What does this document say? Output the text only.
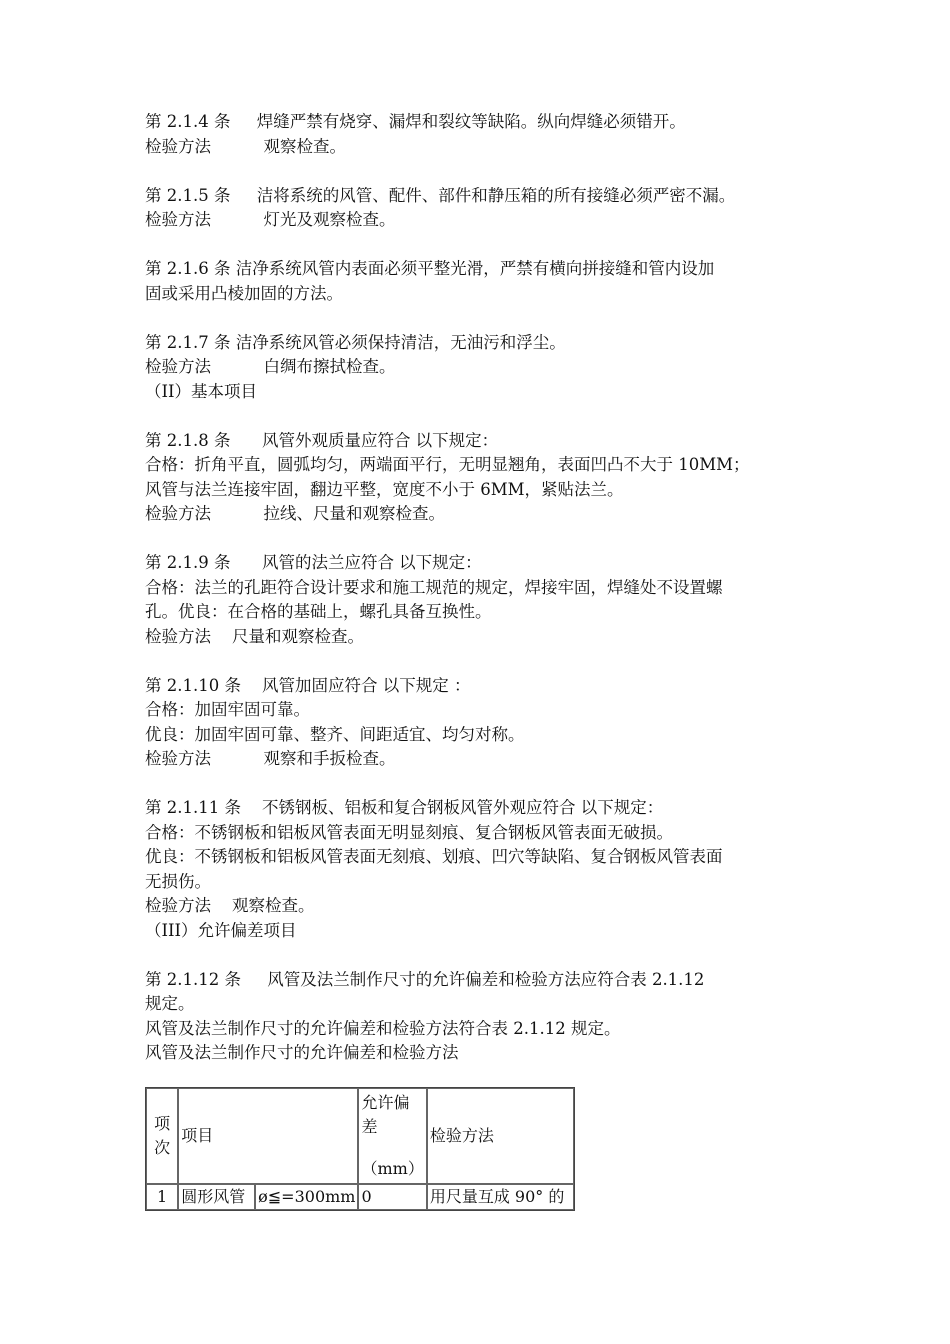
第 2.1.4 条     焊缝严禁有烧穿、漏焊和裂纹等缺陷。纵向焊缝必须错开。
检验方法          观察检查。
第 2.1.5 条     洁将系统的风管、配件、部件和静压箱的所有接缝必须严密不漏。
检验方法          灯光及观察检查。
第 2.1.6 条 洁净系统风管内表面必须平整光滑，严禁有横向拼接缝和管内设加
固或采用凸棱加固的方法。
第 2.1.7 条 洁净系统风管必须保持清洁，无油污和浮尘。
检验方法          白绸布擦拭检查。
（II）基本项目
第 2.1.8 条      风管外观质量应符合 以下规定：
合格：折角平直，圆弧均匀，两端面平行，无明显翘角，表面凹凸不大于 10MM；
风管与法兰连接牢固，翻边平整，宽度不小于 6MM，紧贴法兰。
检验方法          拉线、尺量和观察检查。
第 2.1.9 条      风管的法兰应符合 以下规定：
合格：法兰的孔距符合设计要求和施工规范的规定，焊接牢固，焊缝处不设置螺
孔。优良：在合格的基础上，螺孔具备互换性。
检验方法    尺量和观察检查。
第 2.1.10 条    风管加固应符合 以下规定 ：
合格：加固牢固可靠。
优良：加固牢固可靠、整齐、间距适宜、均匀对称。
检验方法          观察和手扳检查。
第 2.1.11 条    不锈钢板、铝板和复合钢板风管外观应符合 以下规定：
合格：不锈钢板和铝板风管表面无明显刻痕、复合钢板风管表面无破损。
优良：不锈钢板和铝板风管表面无刻痕、划痕、凹穴等缺陷、复合钢板风管表面
无损伤。
检验方法    观察检查。
（III）允许偏差项目
第 2.1.12 条     风管及法兰制作尺寸的允许偏差和检验方法应符合表 2.1.12
规定。
风管及法兰制作尺寸的允许偏差和检验方法符合表 2.1.12 规定。
风管及法兰制作尺寸的允许偏差和检验方法
项次	项目		允许偏
差
（mm）	检验方法
1	圆形风管	ø≦=300mm	0	用尺量互成 90° 的
